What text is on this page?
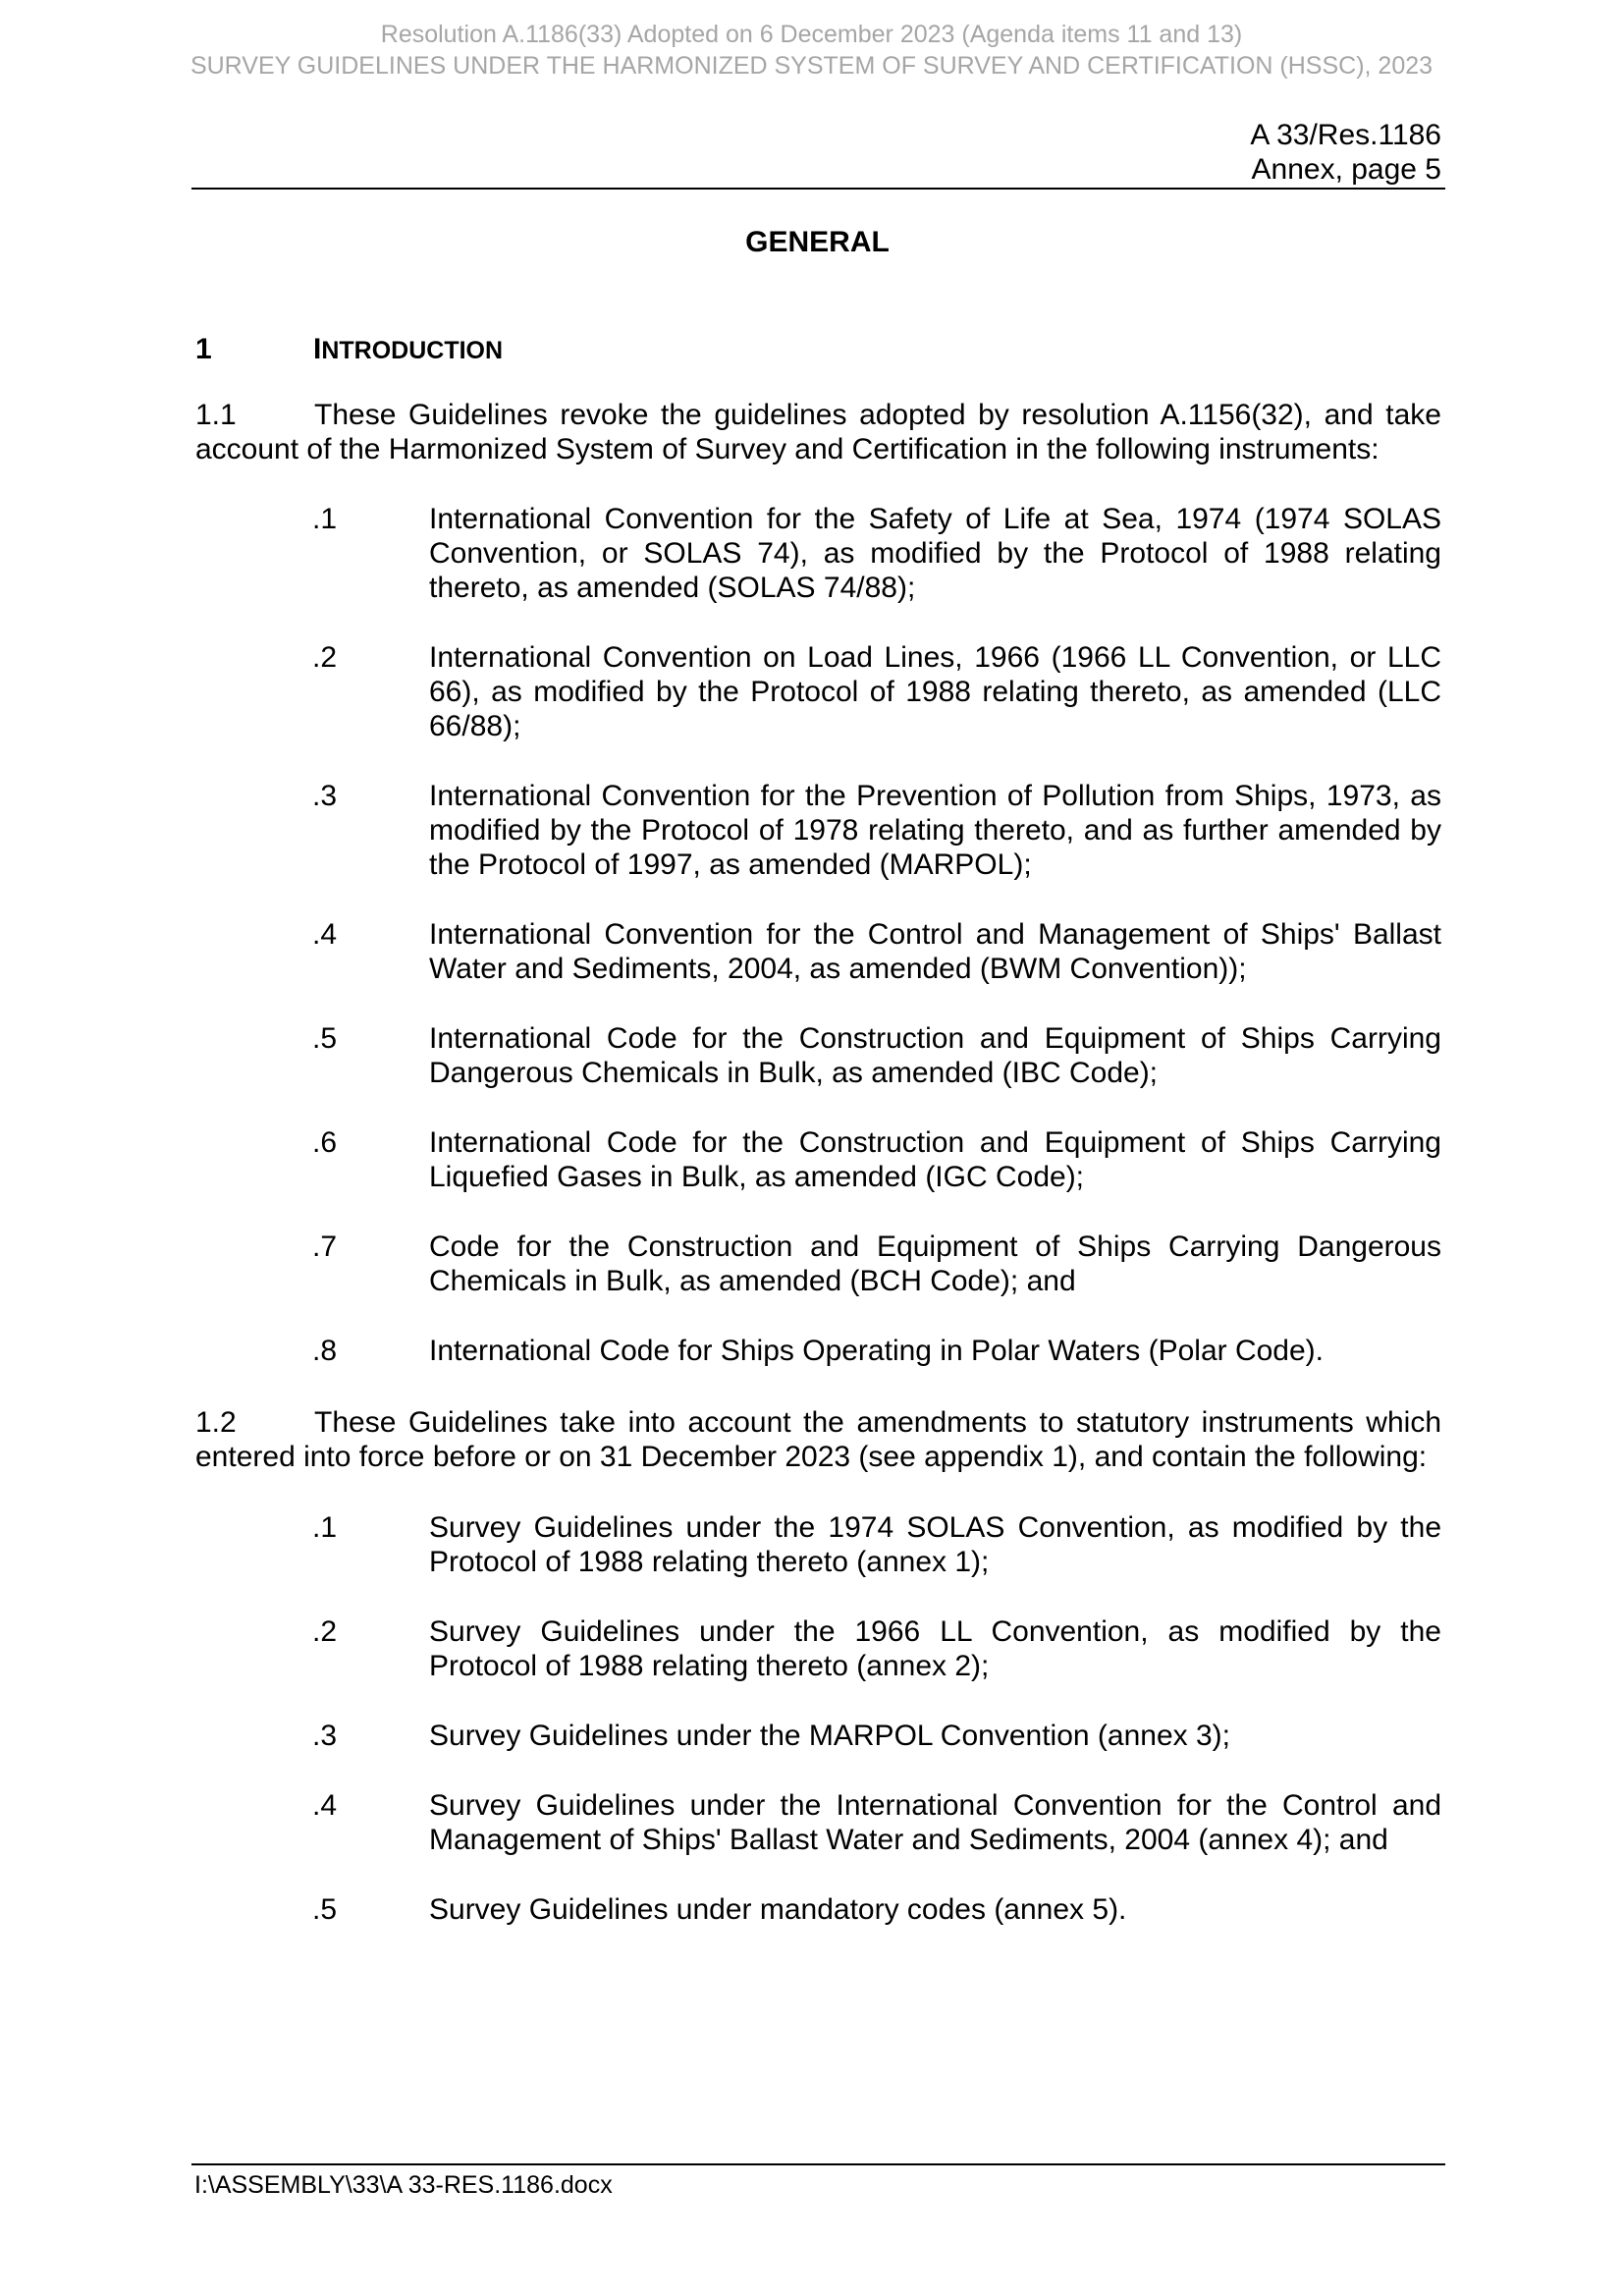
Resolution A.1186(33) Adopted on 6 December 2023 (Agenda items 11 and 13)
SURVEY GUIDELINES UNDER THE HARMONIZED SYSTEM OF SURVEY AND CERTIFICATION (HSSC), 2023
A 33/Res.1186
Annex, page 5
GENERAL
1	INTRODUCTION

1.1	These Guidelines revoke the guidelines adopted by resolution A.1156(32), and take account of the Harmonized System of Survey and Certification in the following instruments:

.1	International Convention for the Safety of Life at Sea, 1974 (1974 SOLAS Convention, or SOLAS 74), as modified by the Protocol of 1988 relating thereto, as amended (SOLAS 74/88);
.2	International Convention on Load Lines, 1966 (1966 LL Convention, or LLC 66), as modified by the Protocol of 1988 relating thereto, as amended (LLC 66/88);
.3	International Convention for the Prevention of Pollution from Ships, 1973, as modified by the Protocol of 1978 relating thereto, and as further amended by the Protocol of 1997, as amended (MARPOL);
.4	International Convention for the Control and Management of Ships' Ballast Water and Sediments, 2004, as amended (BWM Convention));
.5	International Code for the Construction and Equipment of Ships Carrying Dangerous Chemicals in Bulk, as amended (IBC Code);
.6	International Code for the Construction and Equipment of Ships Carrying Liquefied Gases in Bulk, as amended (IGC Code);
.7	Code for the Construction and Equipment of Ships Carrying Dangerous Chemicals in Bulk, as amended (BCH Code); and
.8	International Code for Ships Operating in Polar Waters (Polar Code).

1.2	These Guidelines take into account the amendments to statutory instruments which entered into force before or on 31 December 2023 (see appendix 1), and contain the following:

.1	Survey Guidelines under the 1974 SOLAS Convention, as modified by the Protocol of 1988 relating thereto (annex 1);
.2	Survey Guidelines under the 1966 LL Convention, as modified by the Protocol of 1988 relating thereto (annex 2);
.3	Survey Guidelines under the MARPOL Convention (annex 3);
.4	Survey Guidelines under the International Convention for the Control and Management of Ships' Ballast Water and Sediments, 2004 (annex 4); and
.5	Survey Guidelines under mandatory codes (annex 5).
I:\ASSEMBLY\33\A 33-RES.1186.docx
